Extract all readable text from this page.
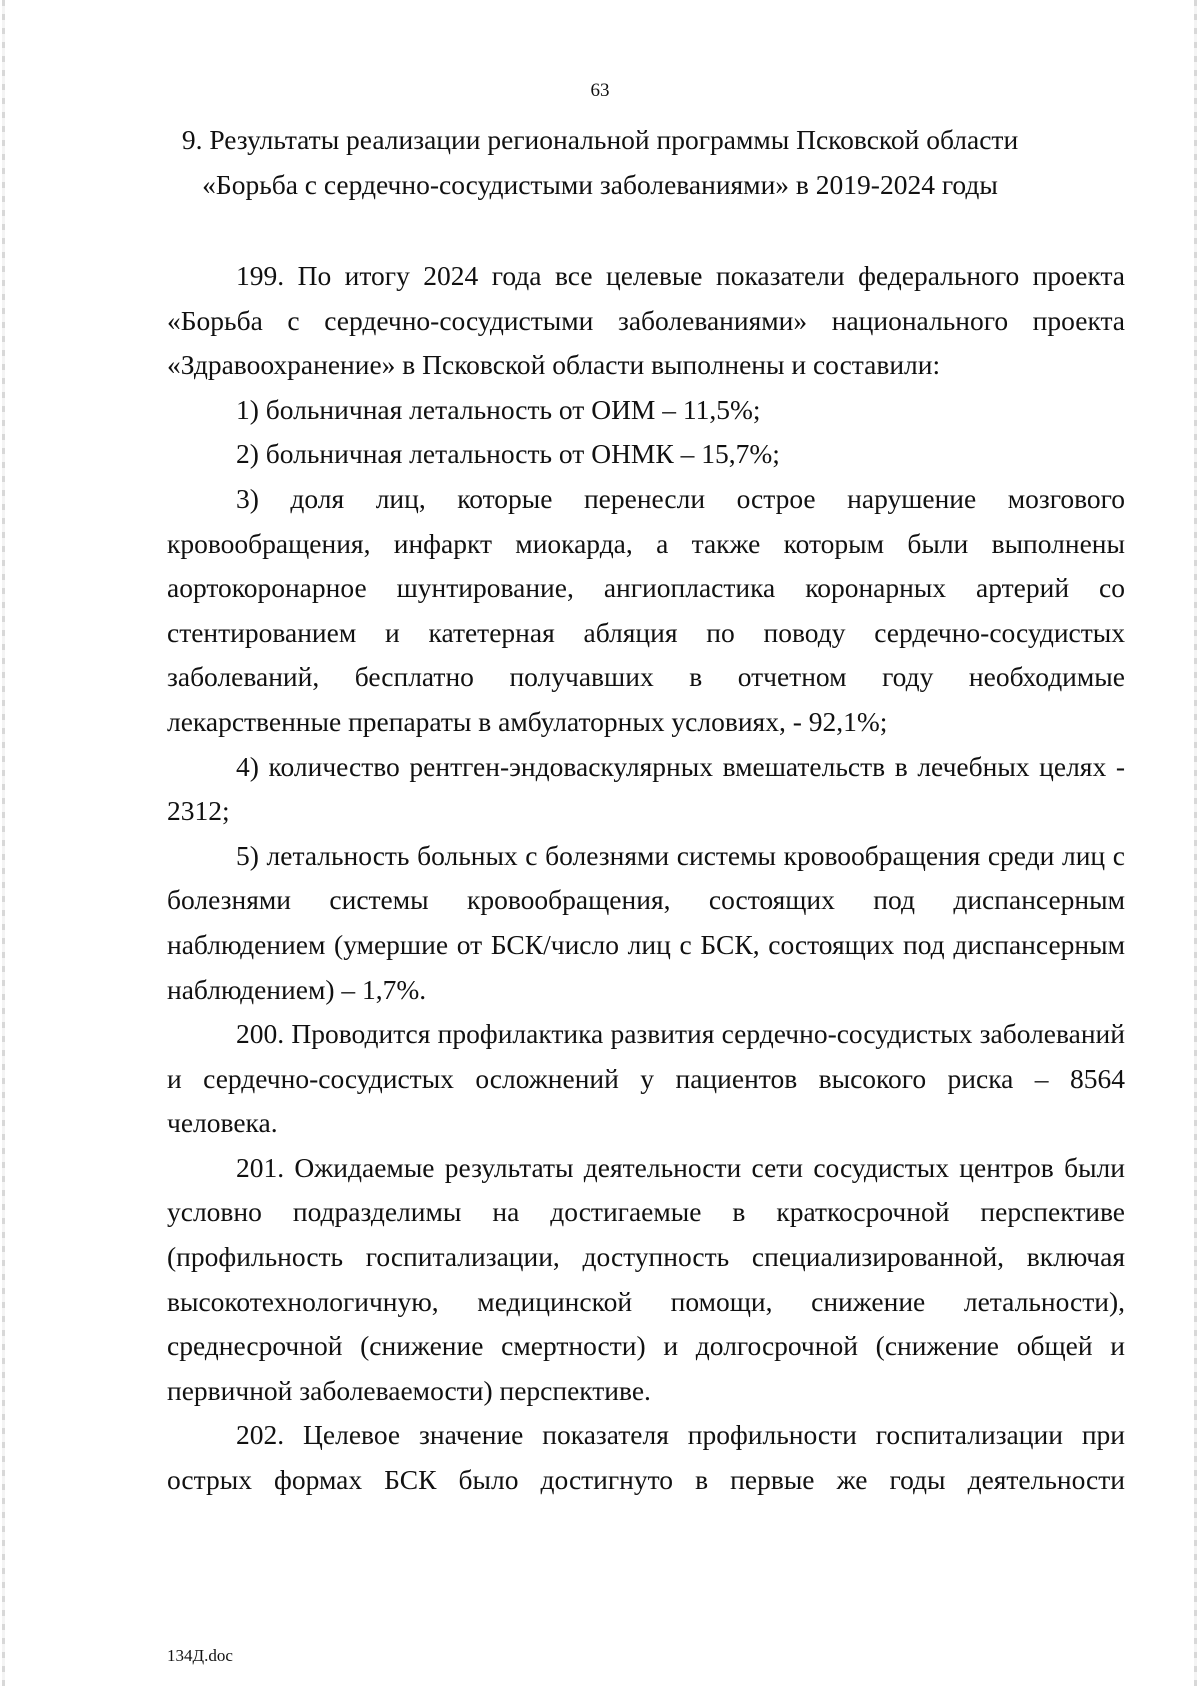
63
9. Результаты реализации региональной программы Псковской области
«Борьба с сердечно-сосудистыми заболеваниями» в 2019-2024 годы

199. По итогу 2024 года все целевые показатели федерального проекта «Борьба с сердечно-сосудистыми заболеваниями» национального проекта «Здравоохранение» в Псковской области выполнены и составили:

1) больничная летальность от ОИМ – 11,5%;

2) больничная летальность от ОНМК – 15,7%;

3) доля лиц, которые перенесли острое нарушение мозгового кровообращения, инфаркт миокарда, а также которым были выполнены аортокоронарное шунтирование, ангиопластика коронарных артерий со стентированием и катетерная абляция по поводу сердечно-сосудистых заболеваний, бесплатно получавших в отчетном году необходимые лекарственные препараты в амбулаторных условиях, - 92,1%;

4) количество рентген-эндоваскулярных вмешательств в лечебных целях - 2312;

5) летальность больных с болезнями системы кровообращения среди лиц с болезнями системы кровообращения, состоящих под диспансерным наблюдением (умершие от БСК/число лиц с БСК, состоящих под диспансерным наблюдением) – 1,7%.

200. Проводится профилактика развития сердечно-сосудистых заболеваний и сердечно-сосудистых осложнений у пациентов высокого риска – 8564 человека.

201. Ожидаемые результаты деятельности сети сосудистых центров были условно подразделимы на достигаемые в краткосрочной перспективе (профильность госпитализации, доступность специализированной, включая высокотехнологичную, медицинской помощи, снижение летальности), среднесрочной (снижение смертности) и долгосрочной (снижение общей и первичной заболеваемости) перспективе.

202. Целевое значение показателя профильности госпитализации при острых формах БСК было достигнуто в первые же годы деятельности

134Д.doc
